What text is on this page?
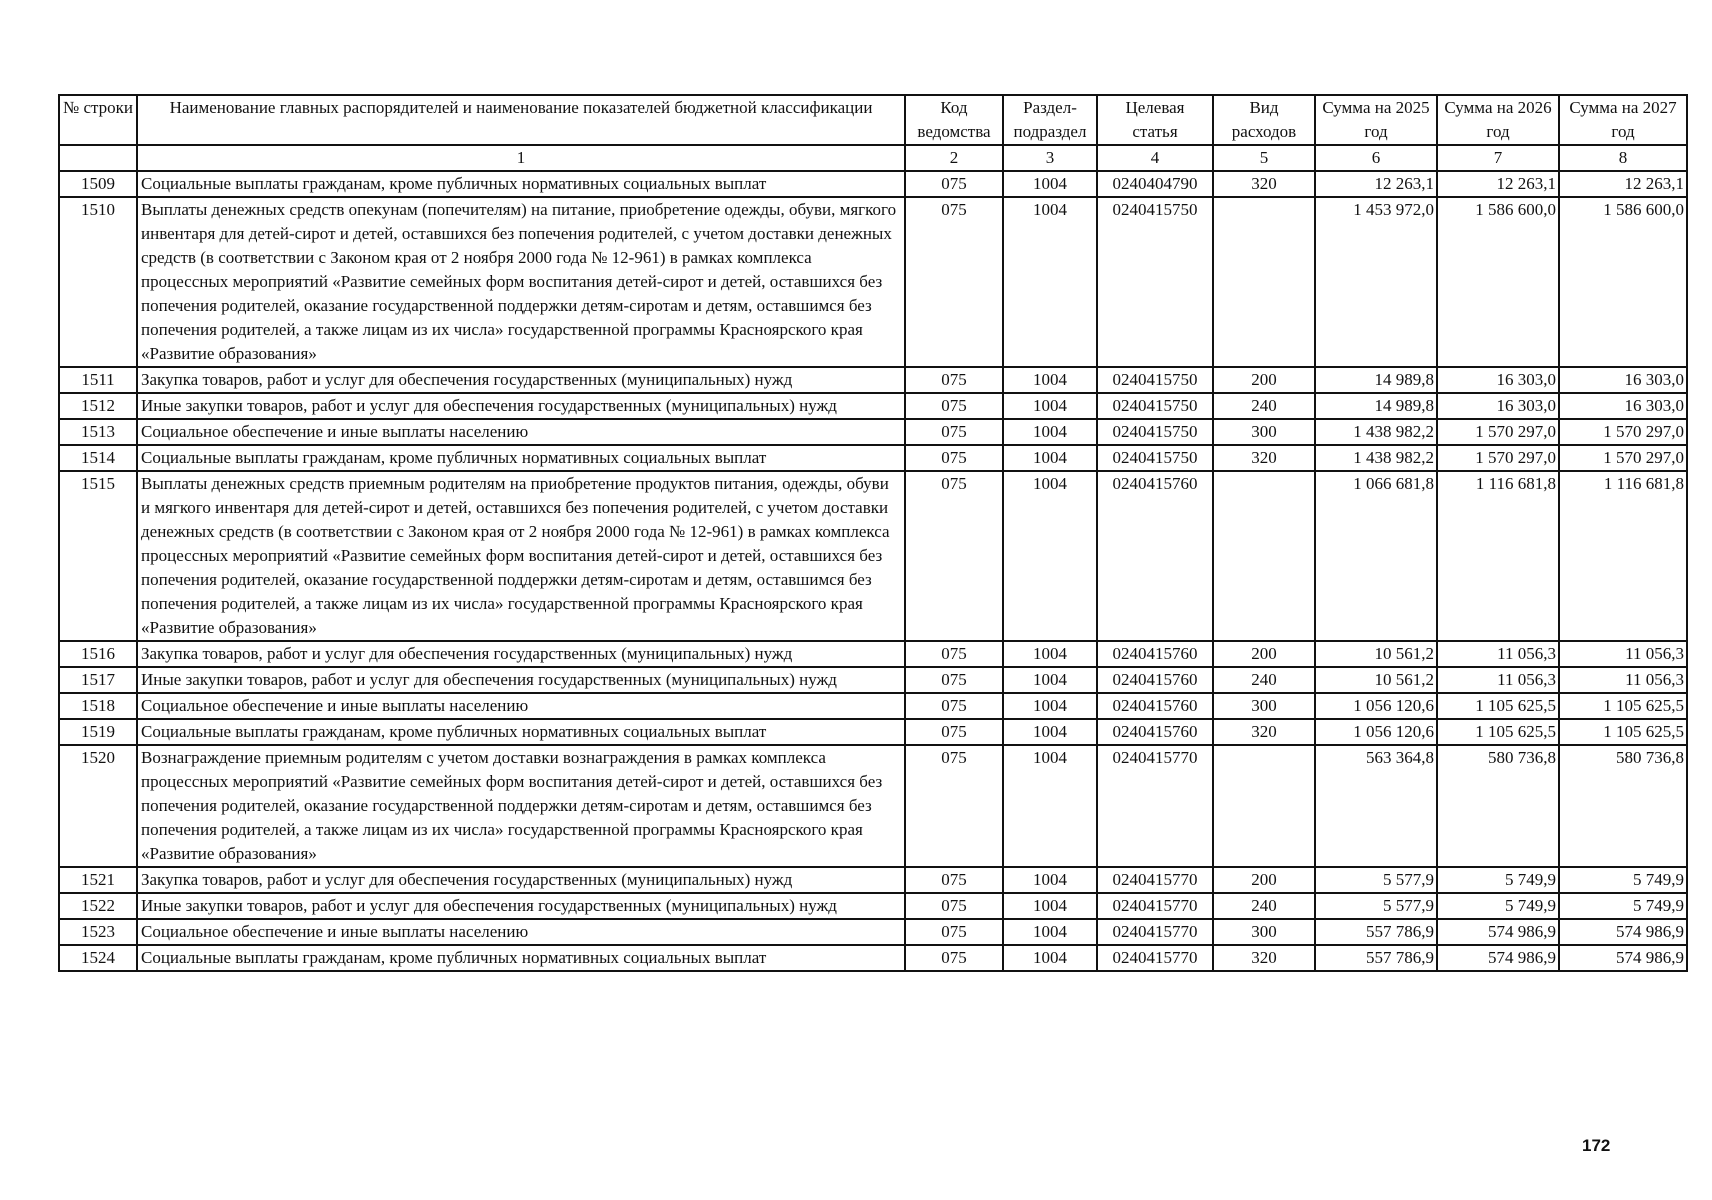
№ строки	Наименование главных распорядителей и наименование показателей бюджетной классификации	Код ведомства	Раздел-подраздел	Целевая статья	Вид расходов	Сумма на 2025 год	Сумма на 2026 год	Сумма на 2027 год
	1	2	3	4	5	6	7	8
1509	Социальные выплаты гражданам, кроме публичных нормативных социальных выплат	075	1004	0240404790	320	12 263,1	12 263,1	12 263,1
1510	Выплаты денежных средств опекунам (попечителям) на питание, приобретение одежды, обуви, мягкого инвентаря для детей-сирот и детей, оставшихся без попечения родителей, с учетом доставки денежных средств (в соответствии с Законом края от 2 ноября 2000 года № 12-961) в рамках комплекса процессных мероприятий «Развитие семейных форм воспитания детей-сирот и детей, оставшихся без попечения родителей, оказание государственной поддержки детям-сиротам и детям, оставшимся без попечения родителей, а также лицам из их числа» государственной программы Красноярского края «Развитие образования»	075	1004	0240415750		1 453 972,0	1 586 600,0	1 586 600,0
1511	Закупка товаров, работ и услуг для обеспечения государственных (муниципальных) нужд	075	1004	0240415750	200	14 989,8	16 303,0	16 303,0
1512	Иные закупки товаров, работ и услуг для обеспечения государственных (муниципальных) нужд	075	1004	0240415750	240	14 989,8	16 303,0	16 303,0
1513	Социальное обеспечение и иные выплаты населению	075	1004	0240415750	300	1 438 982,2	1 570 297,0	1 570 297,0
1514	Социальные выплаты гражданам, кроме публичных нормативных социальных выплат	075	1004	0240415750	320	1 438 982,2	1 570 297,0	1 570 297,0
1515	Выплаты денежных средств приемным родителям на приобретение продуктов питания, одежды, обуви и мягкого инвентаря для детей-сирот и детей, оставшихся без попечения родителей, с учетом доставки денежных средств (в соответствии с Законом края от 2 ноября 2000 года № 12-961) в рамках комплекса процессных мероприятий «Развитие семейных форм воспитания детей-сирот и детей, оставшихся без попечения родителей, оказание государственной поддержки детям-сиротам и детям, оставшимся без попечения родителей, а также лицам из их числа» государственной программы Красноярского края «Развитие образования»	075	1004	0240415760		1 066 681,8	1 116 681,8	1 116 681,8
1516	Закупка товаров, работ и услуг для обеспечения государственных (муниципальных) нужд	075	1004	0240415760	200	10 561,2	11 056,3	11 056,3
1517	Иные закупки товаров, работ и услуг для обеспечения государственных (муниципальных) нужд	075	1004	0240415760	240	10 561,2	11 056,3	11 056,3
1518	Социальное обеспечение и иные выплаты населению	075	1004	0240415760	300	1 056 120,6	1 105 625,5	1 105 625,5
1519	Социальные выплаты гражданам, кроме публичных нормативных социальных выплат	075	1004	0240415760	320	1 056 120,6	1 105 625,5	1 105 625,5
1520	Вознаграждение приемным родителям с учетом доставки вознаграждения в рамках комплекса процессных мероприятий «Развитие семейных форм воспитания детей-сирот и детей, оставшихся без попечения родителей, оказание государственной поддержки детям-сиротам и детям, оставшимся без попечения родителей, а также лицам из их числа» государственной программы Красноярского края «Развитие образования»	075	1004	0240415770		563 364,8	580 736,8	580 736,8
1521	Закупка товаров, работ и услуг для обеспечения государственных (муниципальных) нужд	075	1004	0240415770	200	5 577,9	5 749,9	5 749,9
1522	Иные закупки товаров, работ и услуг для обеспечения государственных (муниципальных) нужд	075	1004	0240415770	240	5 577,9	5 749,9	5 749,9
1523	Социальное обеспечение и иные выплаты населению	075	1004	0240415770	300	557 786,9	574 986,9	574 986,9
1524	Социальные выплаты гражданам, кроме публичных нормативных социальных выплат	075	1004	0240415770	320	557 786,9	574 986,9	574 986,9
172
